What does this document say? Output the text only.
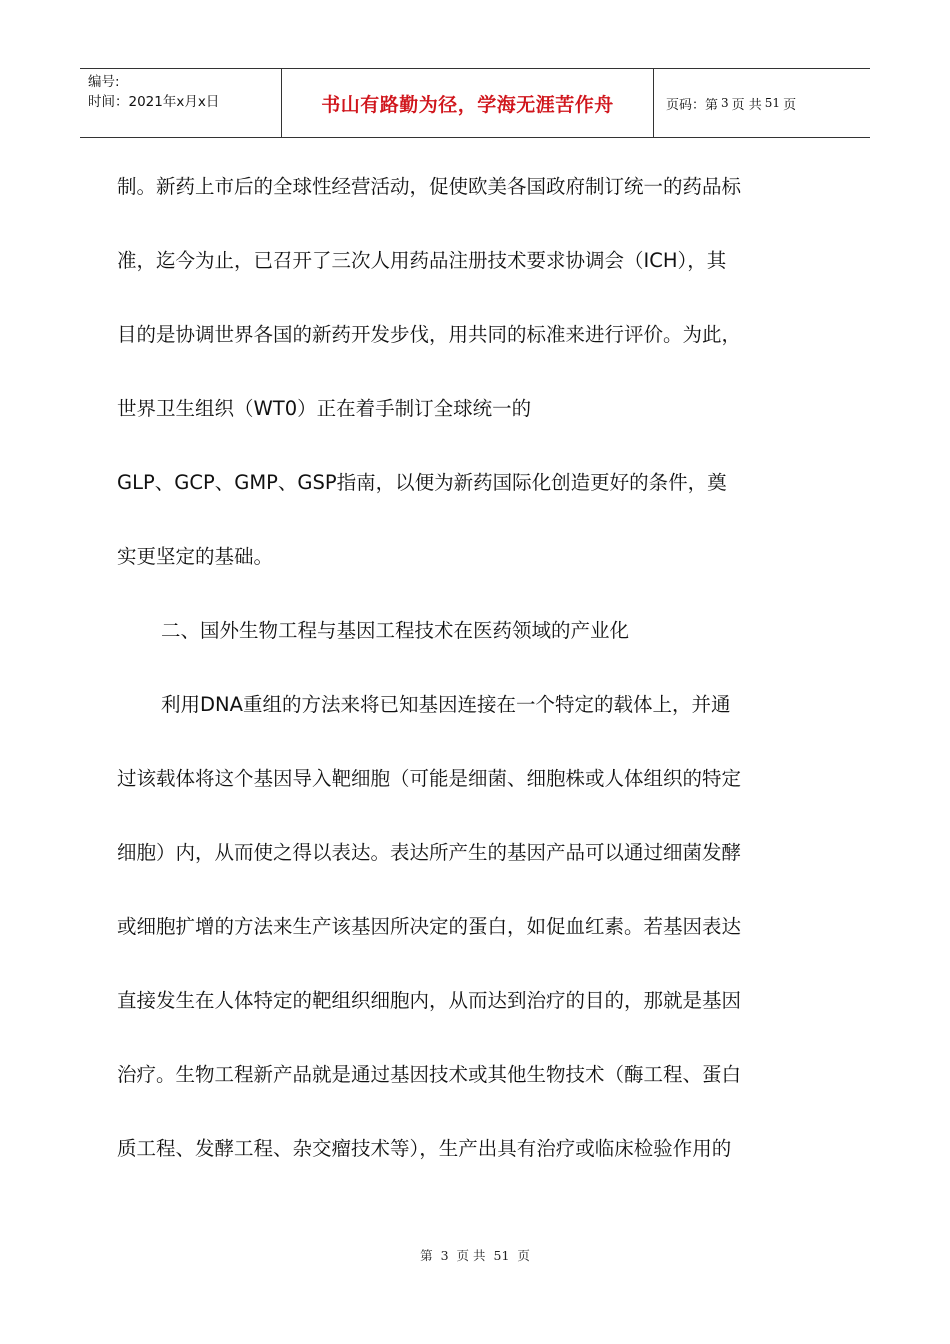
编号:
时间：2021年x月x日	书山有路勤为径，学海无涯苦作舟	页码：第 3 页 共 51 页
制。新药上市后的全球性经营活动，促使欧美各国政府制订统一的药品标
准，迄今为止，已召开了三次人用药品注册技术要求协调会（ICH），其
目的是协调世界各国的新药开发步伐，用共同的标准来进行评价。为此，
世界卫生组织（WT0）正在着手制订全球统一的
GLP、GCP、GMP、GSP指南，以便为新药国际化创造更好的条件，奠
实更坚定的基础。
二、国外生物工程与基因工程技术在医药领域的产业化
利用DNA重组的方法来将已知基因连接在一个特定的载体上，并通
过该载体将这个基因导入靶细胞（可能是细菌、细胞株或人体组织的特定
细胞）内，从而使之得以表达。表达所产生的基因产品可以通过细菌发酵
或细胞扩增的方法来生产该基因所决定的蛋白，如促血红素。若基因表达
直接发生在人体特定的靶组织细胞内，从而达到治疗的目的，那就是基因
治疗。生物工程新产品就是通过基因技术或其他生物技术（酶工程、蛋白
质工程、发酵工程、杂交瘤技术等），生产出具有治疗或临床检验作用的
第 3 页 共 51 页
